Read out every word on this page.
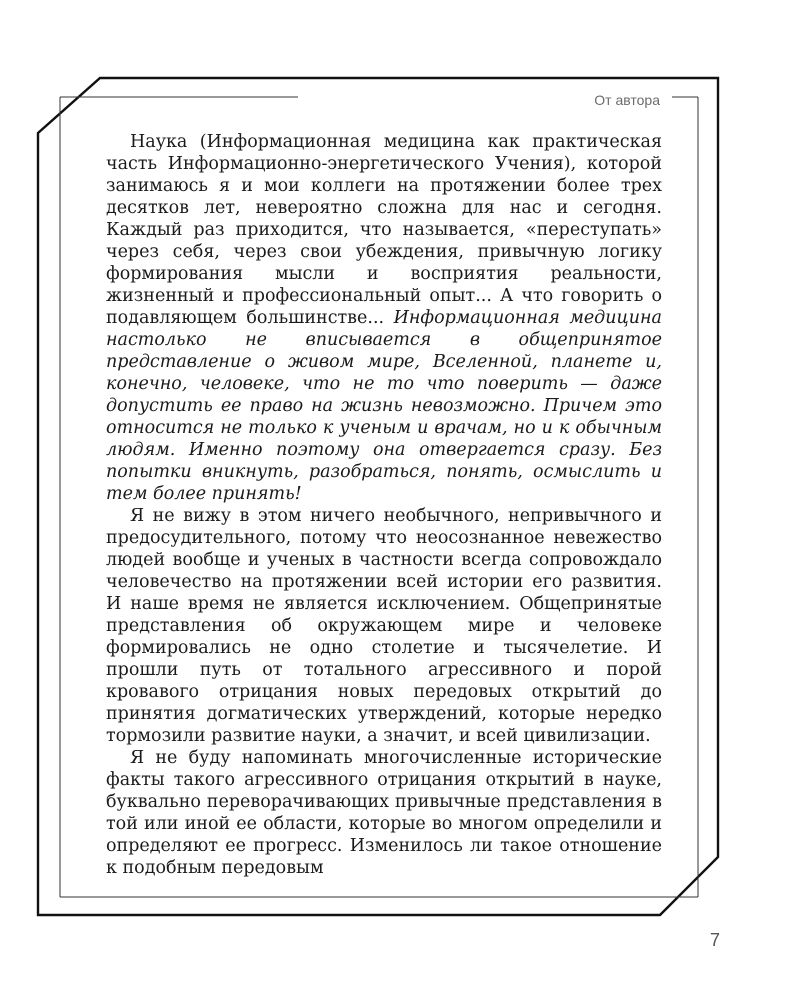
От автора

Наука (Информационная медицина как практическая часть Информационно-энергетического Учения), которой занимаюсь я и мои коллеги на протяжении более трех десятков лет, невероятно сложна для нас и сегодня. Каждый раз приходится, что называется, «переступать» через себя, через свои убеждения, привычную логику формирования мысли и восприятия реальности, жизненный и профессиональный опыт... А что говорить о подавляющем большинстве... Информационная медицина настолько не вписывается в общепринятое представление о живом мире, Вселенной, планете и, конечно, человеке, что не то что поверить — даже допустить ее право на жизнь невозможно. Причем это относится не только к ученым и врачам, но и к обычным людям. Именно поэтому она отвергается сразу. Без попытки вникнуть, разобраться, понять, осмыслить и тем более принять!

Я не вижу в этом ничего необычного, непривычного и предосудительного, потому что неосознанное невежество людей вообще и ученых в частности всегда сопровождало человечество на протяжении всей истории его развития. И наше время не является исключением. Общепринятые представления об окружающем мире и человеке формировались не одно столетие и тысячелетие. И прошли путь от тотального агрессивного и порой кровавого отрицания новых передовых открытий до принятия догматических утверждений, которые нередко тормозили развитие науки, а значит, и всей цивилизации.

Я не буду напоминать многочисленные исторические факты такого агрессивного отрицания открытий в науке, буквально переворачивающих привычные представления в той или иной ее области, которые во многом определили и определяют ее прогресс. Изменилось ли такое отношение к подобным передовым

7
